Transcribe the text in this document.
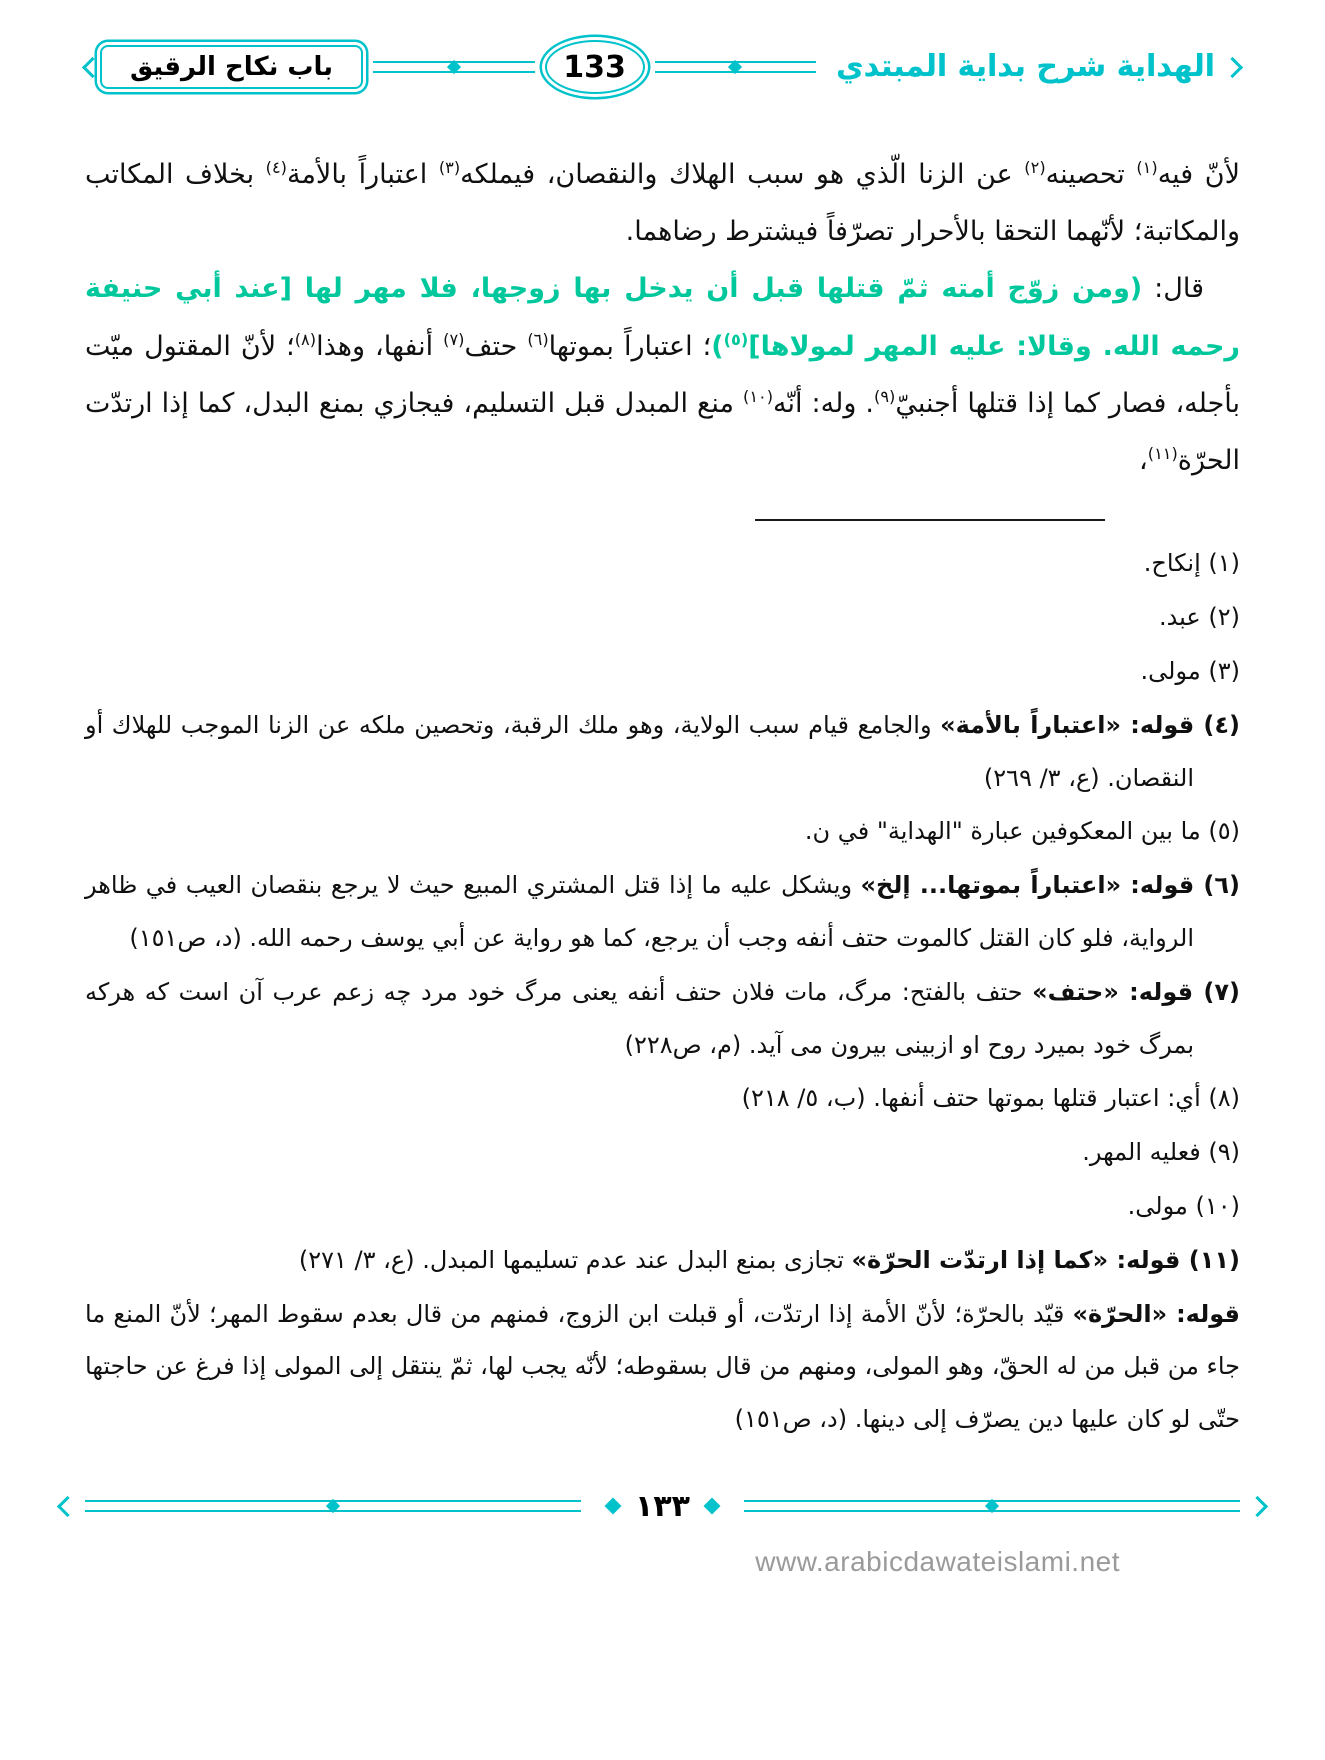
الهداية شرح بداية المبتدي
133
باب نكاح الرقيق

لأنّ فيه$^{(١)}$ تحصينه$^{(٢)}$ عن الزنا الّذي هو سبب الهلاك والنقصان، فيملكه$^{(٣)}$ اعتباراً بالأمة$^{(٤)}$ بخلاف المكاتب والمكاتبة؛ لأنّهما التحقا بالأحرار تصرّفاً فيشترط رضاهما.

قال: (ومن زوّج أمته ثمّ قتلها قبل أن يدخل بها زوجها، فلا مهر لها [عند أبي حنيفة رحمه الله. وقالا: عليه المهر لمولاها]$^{(٥)}$)؛ اعتباراً بموتها$^{(٦)}$ حتف$^{(٧)}$ أنفها، وهذا$^{(٨)}$؛ لأنّ المقتول ميّت بأجله، فصار كما إذا قتلها أجنبيّ$^{(٩)}$. وله: أنّه$^{(١٠)}$ منع المبدل قبل التسليم، فيجازي بمنع البدل، كما إذا ارتدّت الحرّة$^{(١١)}$،

(١) إنكاح.
(٢) عبد.
(٣) مولى.
(٤) قوله: «اعتباراً بالأمة» والجامع قيام سبب الولاية، وهو ملك الرقبة، وتحصين ملكه عن الزنا الموجب للهلاك أو النقصان. (ع، ٣/ ٢٦٩)
(٥) ما بين المعكوفين عبارة "الهداية" في ن.
(٦) قوله: «اعتباراً بموتها... إلخ» ويشكل عليه ما إذا قتل المشتري المبيع حيث لا يرجع بنقصان العيب في ظاهر الرواية، فلو كان القتل كالموت حتف أنفه وجب أن يرجع، كما هو رواية عن أبي يوسف رحمه الله. (د، ص١٥١)
(٧) قوله: «حتف» حتف بالفتح: مرگ، مات فلان حتف أنفه يعنى مرگ خود مرد چه زعم عرب آن است كه هركه بمرگ خود بميرد روح او ازبينى بيرون مى آيد. (م، ص٢٢٨)
(٨) أي: اعتبار قتلها بموتها حتف أنفها. (ب، ٥/ ٢١٨)
(٩) فعليه المهر.
(١٠) مولى.
(١١) قوله: «كما إذا ارتدّت الحرّة» تجازى بمنع البدل عند عدم تسليمها المبدل. (ع، ٣/ ٢٧١)
قوله: «الحرّة» قيّد بالحرّة؛ لأنّ الأمة إذا ارتدّت، أو قبلت ابن الزوج، فمنهم من قال بعدم سقوط المهر؛ لأنّ المنع ما جاء من قبل من له الحقّ، وهو المولى، ومنهم من قال بسقوطه؛ لأنّه يجب لها، ثمّ ينتقل إلى المولى إذا فرغ عن حاجتها حتّى لو كان عليها دين يصرّف إلى دينها. (د، ص١٥١)
١٣٣
www.arabicdawateislami.net
